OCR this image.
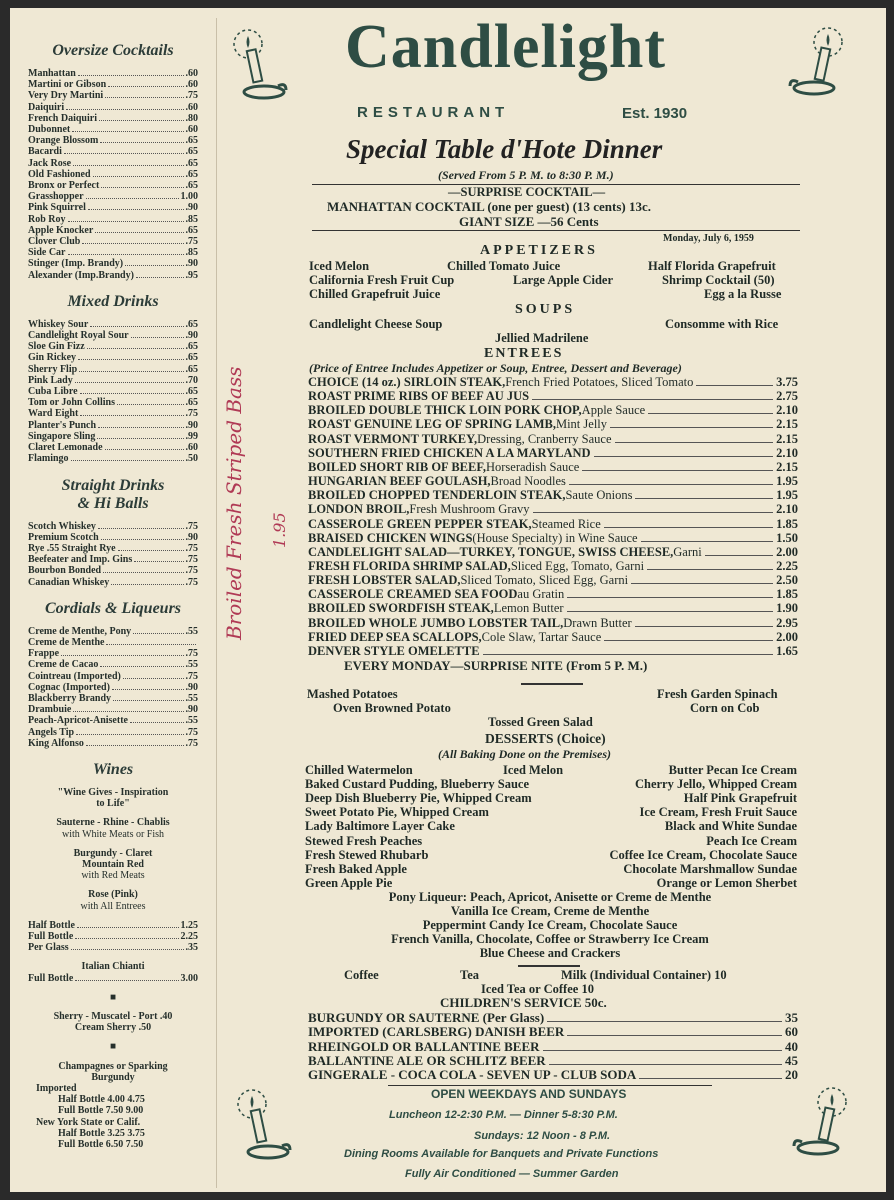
Candlelight
RESTAURANT	Est. 1930
Special Table d'Hote Dinner
(Served From 5 P. M. to 8:30 P. M.)
—SURPRISE COCKTAIL—
MANHATTAN COCKTAIL (one per guest) (13 cents) 13c.
GIANT SIZE —56 Cents
Monday, July 6, 1959
Broiled Fresh Striped Bass 1.95
Oversize Cocktails
Manhattan	.60
Martini or Gibson	.60
Very Dry Martini	.75
Daiquiri	.60
French Daiquiri	.80
Dubonnet	.60
Orange Blossom	.65
Bacardi	.65
Jack Rose	.65
Old Fashioned	.65
Bronx or Perfect	.65
Grasshopper	1.00
Pink Squirrel	.90
Rob Roy	.85
Apple Knocker	.65
Clover Club	.75
Side Car	.85
Stinger (Imp. Brandy)	.90
Alexander (Imp.Brandy)	.95
Mixed Drinks
Whiskey Sour	.65
Candlelight Royal Sour	.90
Sloe Gin Fizz	.65
Gin Rickey	.65
Sherry Flip	.65
Pink Lady	.70
Cuba Libre	.65
Tom or John Collins	.65
Ward Eight	.75
Planter's Punch	.90
Singapore Sling	.99
Claret Lemonade	.60
Flamingo	.50
Straight Drinks
& Hi Balls
Scotch Whiskey	.75
Premium Scotch	.90
Rye .55 Straight Rye	.75
Beefeater and Imp. Gins	.75
Bourbon Bonded	.75
Canadian Whiskey	.75
Cordials & Liqueurs
Creme de Menthe, Pony	.55
Creme de Menthe
Frappe	.75
Creme de Cacao	.55
Cointreau (Imported)	.75
Cognac (Imported)	.90
Blackberry Brandy	.55
Drambuie	.90
Peach-Apricot-Anisette	.55
Angels Tip	.75
King Alfonso	.75
Wines
"Wine Gives - Inspiration
to Life"
Sauterne - Rhine - Chablis
with White Meats or Fish
Burgundy - Claret
Mountain Red
with Red Meats
Rose (Pink)
with All Entrees
Half Bottle	1.25
Full Bottle	2.25
Per Glass	.35
Italian Chianti
Full Bottle	3.00
■
Sherry - Muscatel - Port .40
Cream Sherry .50
■
Champagnes or Sparking
Burgundy
Imported
Half Bottle 4.00 4.75
Full Bottle 7.50 9.00
New York State or Calif.
Half Bottle 3.25 3.75
Full Bottle 6.50 7.50
APPETIZERS
Iced Melon	Chilled Tomato Juice	Half Florida Grapefruit
California Fresh Fruit Cup	Large Apple Cider	Shrimp Cocktail (50)
Chilled Grapefruit Juice	Egg a la Russe
SOUPS
Candlelight Cheese Soup	Consomme with Rice
Jellied Madrilene
ENTREES
(Price of Entree Includes Appetizer or Soup, Entree, Dessert and Beverage)
CHOICE (14 oz.) SIRLOIN STEAK, French Fried Potatoes, Sliced Tomato	3.75
ROAST PRIME RIBS OF BEEF AU JUS	2.75
BROILED DOUBLE THICK LOIN PORK CHOP, Apple Sauce	2.10
ROAST GENUINE LEG OF SPRING LAMB, Mint Jelly	2.15
ROAST VERMONT TURKEY, Dressing, Cranberry Sauce	2.15
SOUTHERN FRIED CHICKEN A LA MARYLAND	2.10
BOILED SHORT RIB OF BEEF, Horseradish Sauce	2.15
HUNGARIAN BEEF GOULASH, Broad Noodles	1.95
BROILED CHOPPED TENDERLOIN STEAK, Saute Onions	1.95
LONDON BROIL, Fresh Mushroom Gravy	2.10
CASSEROLE GREEN PEPPER STEAK, Steamed Rice	1.85
BRAISED CHICKEN WINGS (House Specialty) in Wine Sauce	1.50
CANDLELIGHT SALAD—TURKEY, TONGUE, SWISS CHEESE, Garni	2.00
FRESH FLORIDA SHRIMP SALAD, Sliced Egg, Tomato, Garni	2.25
FRESH LOBSTER SALAD, Sliced Tomato, Sliced Egg, Garni	2.50
CASSEROLE CREAMED SEA FOOD au Gratin	1.85
BROILED SWORDFISH STEAK, Lemon Butter	1.90
BROILED WHOLE JUMBO LOBSTER TAIL, Drawn Butter	2.95
FRIED DEEP SEA SCALLOPS, Cole Slaw, Tartar Sauce	2.00
DENVER STYLE OMELETTE	1.65
EVERY MONDAY—SURPRISE NITE (From 5 P. M.)
Mashed Potatoes	Fresh Garden Spinach
Oven Browned Potato	Corn on Cob
Tossed Green Salad
DESSERTS (Choice)
(All Baking Done on the Premises)
Chilled Watermelon	Iced Melon	Butter Pecan Ice Cream
Baked Custard Pudding, Blueberry Sauce	Cherry Jello, Whipped Cream
Deep Dish Blueberry Pie, Whipped Cream	Half Pink Grapefruit
Sweet Potato Pie, Whipped Cream	Ice Cream, Fresh Fruit Sauce
Lady Baltimore Layer Cake	Black and White Sundae
Stewed Fresh Peaches	Peach Ice Cream
Fresh Stewed Rhubarb	Coffee Ice Cream, Chocolate Sauce
Fresh Baked Apple	Chocolate Marshmallow Sundae
Green Apple Pie	Orange or Lemon Sherbet
Pony Liqueur: Peach, Apricot, Anisette or Creme de Menthe
Vanilla Ice Cream, Creme de Menthe
Peppermint Candy Ice Cream, Chocolate Sauce
French Vanilla, Chocolate, Coffee or Strawberry Ice Cream
Blue Cheese and Crackers
Coffee	Tea	Milk (Individual Container) 10
Iced Tea or Coffee 10
CHILDREN'S SERVICE 50c.
BURGUNDY OR SAUTERNE (Per Glass)	35
IMPORTED (CARLSBERG) DANISH BEER	60
RHEINGOLD OR BALLANTINE BEER	40
BALLANTINE ALE OR SCHLITZ BEER	45
GINGERALE - COCA COLA - SEVEN UP - CLUB SODA	20
OPEN WEEKDAYS AND SUNDAYS
Luncheon 12-2:30 P.M. — Dinner 5-8:30 P.M.
Sundays: 12 Noon - 8 P.M.
Dining Rooms Available for Banquets and Private Functions
Fully Air Conditioned — Summer Garden
